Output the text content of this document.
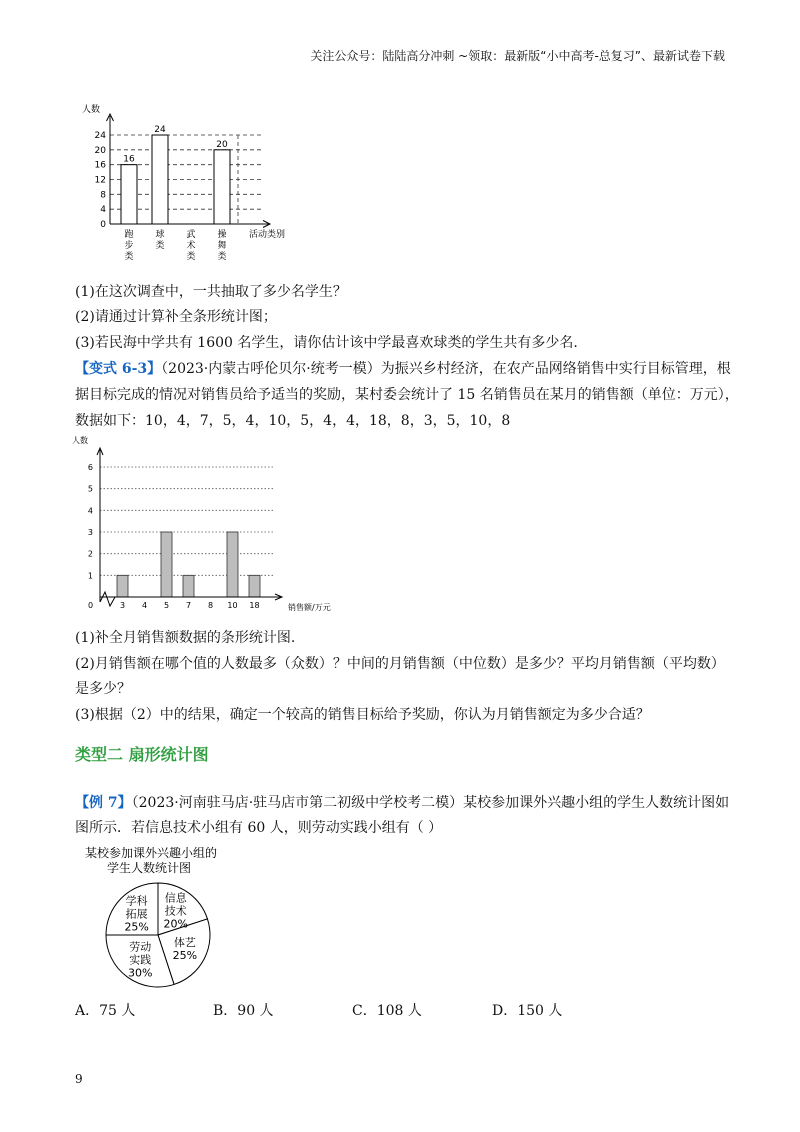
关注公众号：陆陆高分冲刺 ~领取：最新版“小中高考-总复习”、最新试卷下载
人数
0
4
8
12
16
20
24
16
跑
步
类
24
球
类
武
术
类
20
操
舞
类
活动类别
(1)在这次调查中，一共抽取了多少名学生？
(2)请通过计算补全条形统计图；
(3)若民海中学共有 1600 名学生，请你估计该中学最喜欢球类的学生共有多少名.
【变式 6-3】（2023·内蒙古呼伦贝尔·统考一模）为振兴乡村经济，在农产品网络销售中实行目标管理，根
据目标完成的情况对销售员给予适当的奖励，某村委会统计了 15 名销售员在某月的销售额（单位：万元），
数据如下：10，4，7，5，4，10，5，4，4，18，8，3，5，10，8
人数
1
2
3
4
5
6
3 4 5 7 8 10 18
0	销售额/万元
(1)补全月销售额数据的条形统计图.
(2)月销售额在哪个值的人数最多（众数）？中间的月销售额（中位数）是多少？平均月销售额（平均数）
是多少？
(3)根据（2）中的结果，确定一个较高的销售目标给予奖励，你认为月销售额定为多少合适？
类型二 扇形统计图
【例 7】（2023·河南驻马店·驻马店市第二初级中学校考二模）某校参加课外兴趣小组的学生人数统计图如
图所示．若信息技术小组有 60 人，则劳动实践小组有（ ）
某校参加课外兴趣小组的
学生人数统计图
信息
技术
20%
体艺
25%
劳动
实践
30%
学科
拓展
25%
A．75 人	B．90 人	C．108 人	D．150 人
9
